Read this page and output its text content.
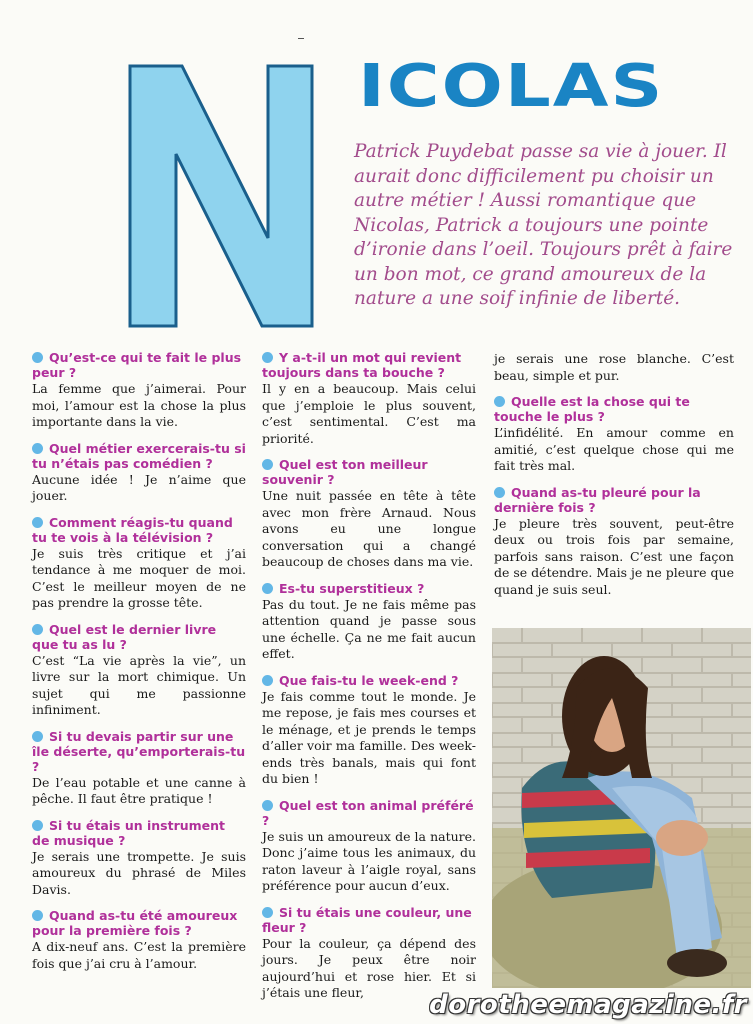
ICOLAS
Patrick Puydebat passe sa vie à jouer. Il aurait donc difficilement pu choisir un autre métier ! Aussi romantique que Nicolas, Patrick a toujours une pointe d’ironie dans l’oeil. Toujours prêt à faire un bon mot, ce grand amoureux de la nature a une soif infinie de liberté.
Qu’est-ce qui te fait le plus peur ?
La femme que j’aimerai. Pour moi, l’amour est la chose la plus importante dans la vie.
Quel métier exercerais-tu si tu n’étais pas comédien ?
Aucune idée ! Je n’aime que jouer.
Comment réagis-tu quand tu te vois à la télévision ?
Je suis très critique et j’ai tendance à me moquer de moi. C’est le meilleur moyen de ne pas prendre la grosse tête.
Quel est le dernier livre que tu as lu ?
C’est “La vie après la vie”, un livre sur la mort chimique. Un sujet qui me passionne infiniment.
Si tu devais partir sur une île déserte, qu’emporterais-tu ?
De l’eau potable et une canne à pêche. Il faut être pratique !
Si tu étais un instrument de musique ?
Je serais une trompette. Je suis amoureux du phrasé de Miles Davis.
Quand as-tu été amoureux pour la première fois ?
A dix-neuf ans. C’est la première fois que j’ai cru à l’amour.
Y a-t-il un mot qui revient toujours dans ta bouche ?
Il y en a beaucoup. Mais celui que j’emploie le plus souvent, c’est sentimental. C’est ma priorité.
Quel est ton meilleur souvenir ?
Une nuit passée en tête à tête avec mon frère Arnaud. Nous avons eu une longue conversation qui a changé beaucoup de choses dans ma vie.
Es-tu superstitieux ?
Pas du tout. Je ne fais même pas attention quand je passe sous une échelle. Ça ne me fait aucun effet.
Que fais-tu le week-end ?
Je fais comme tout le monde. Je me repose, je fais mes courses et le ménage, et je prends le temps d’aller voir ma famille. Des week-ends très banals, mais qui font du bien !
Quel est ton animal préféré ?
Je suis un amoureux de la nature. Donc j’aime tous les animaux, du raton laveur à l’aigle royal, sans préférence pour aucun d’eux.
Si tu étais une couleur, une fleur ?
Pour la couleur, ça dépend des jours. Je peux être noir aujourd’hui et rose hier. Et si j’étais une fleur,
je serais une rose blanche. C’est beau, simple et pur.
Quelle est la chose qui te touche le plus ?
L’infidélité. En amour comme en amitié, c’est quelque chose qui me fait très mal.
Quand as-tu pleuré pour la dernière fois ?
Je pleure très souvent, peut-être deux ou trois fois par semaine, parfois sans raison. C’est une façon de se détendre. Mais je ne pleure que quand je suis seul.
dorotheemagazine.fr
